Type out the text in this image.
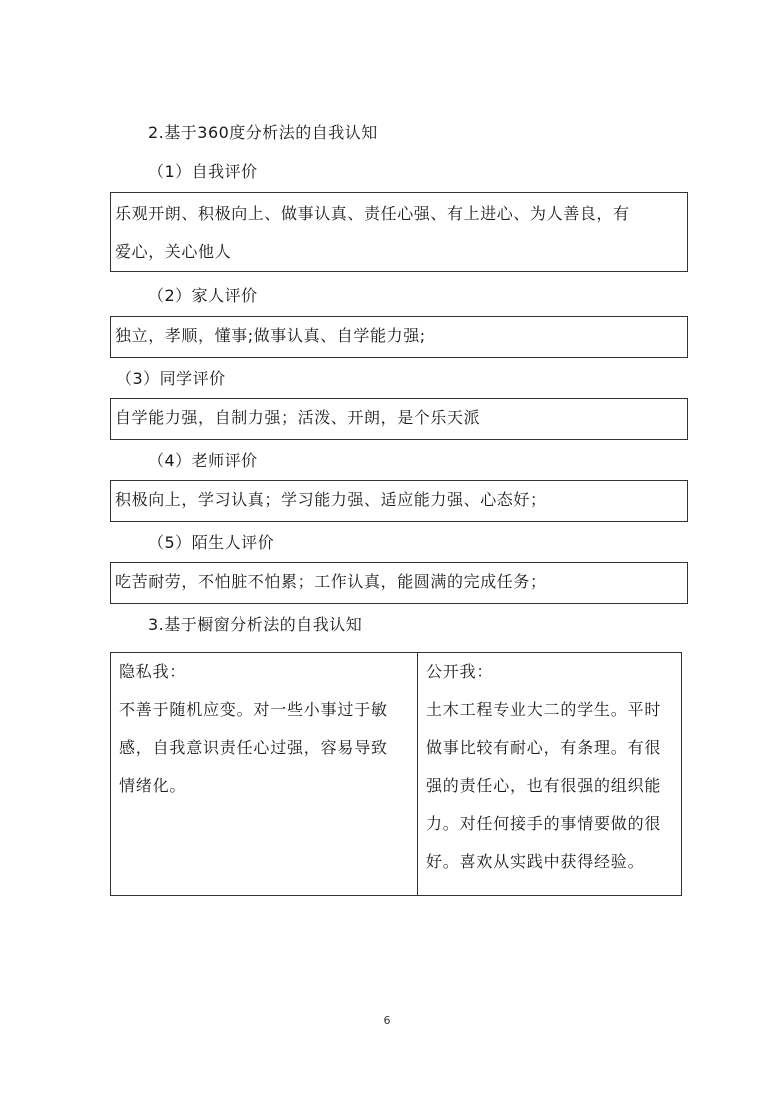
2.基于360度分析法的自我认知
（1）自我评价

乐观开朗、积极向上、做事认真、责任心强、有上进心、为人善良，有

爱心，关心他人

（2）家人评价

独立，孝顺，懂事;做事认真、自学能力强;

（3）同学评价

自学能力强，自制力强；活泼、开朗，是个乐天派

（4）老师评价

积极向上，学习认真；学习能力强、适应能力强、心态好；

（5）陌生人评价

吃苦耐劳，不怕脏不怕累；工作认真，能圆满的完成任务；

3.基于橱窗分析法的自我认知

隐私我：

不善于随机应变。对一些小事过于敏

感，自我意识责任心过强，容易导致

情绪化。

公开我：

土木工程专业大二的学生。平时

做事比较有耐心，有条理。有很

强的责任心，也有很强的组织能

力。对任何接手的事情要做的很

好。喜欢从实践中获得经验。

6
